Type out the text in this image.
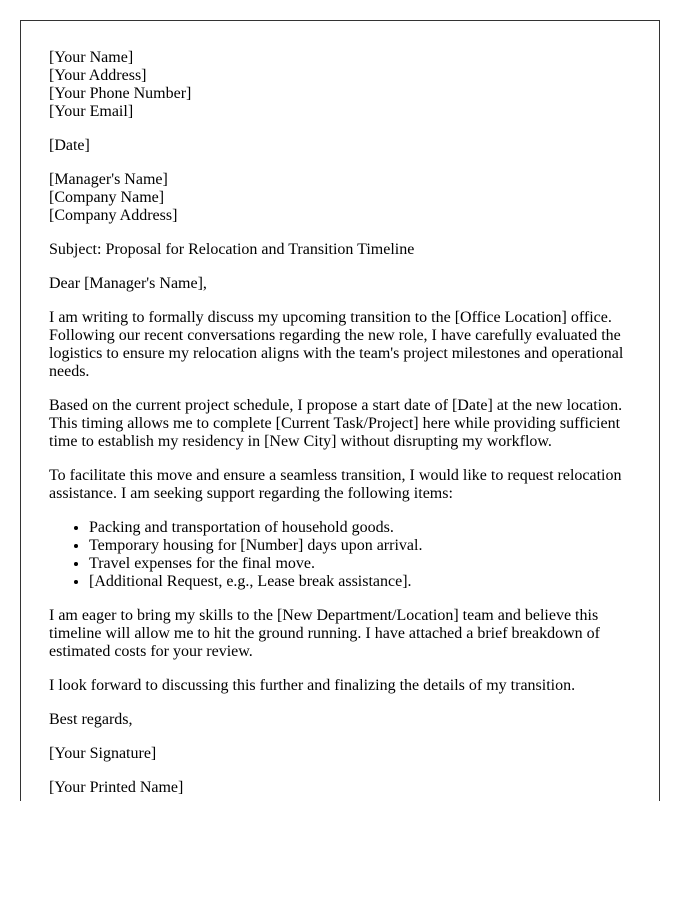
[Your Name]
[Your Address]
[Your Phone Number]
[Your Email]
[Date]
[Manager's Name]
[Company Name]
[Company Address]

Subject: Proposal for Relocation and Transition Timeline

Dear [Manager's Name],

I am writing to formally discuss my upcoming transition to the [Office Location] office. Following our recent conversations regarding the new role, I have carefully evaluated the logistics to ensure my relocation aligns with the team's project milestones and operational needs.

Based on the current project schedule, I propose a start date of [Date] at the new location. This timing allows me to complete [Current Task/Project] here while providing sufficient time to establish my residency in [New City] without disrupting my workflow.

To facilitate this move and ensure a seamless transition, I would like to request relocation assistance. I am seeking support regarding the following items:

• Packing and transportation of household goods.
• Temporary housing for [Number] days upon arrival.
• Travel expenses for the final move.
• [Additional Request, e.g., Lease break assistance].

I am eager to bring my skills to the [New Department/Location] team and believe this timeline will allow me to hit the ground running. I have attached a brief breakdown of estimated costs for your review.

I look forward to discussing this further and finalizing the details of my transition.

Best regards,

[Your Signature]

[Your Printed Name]
